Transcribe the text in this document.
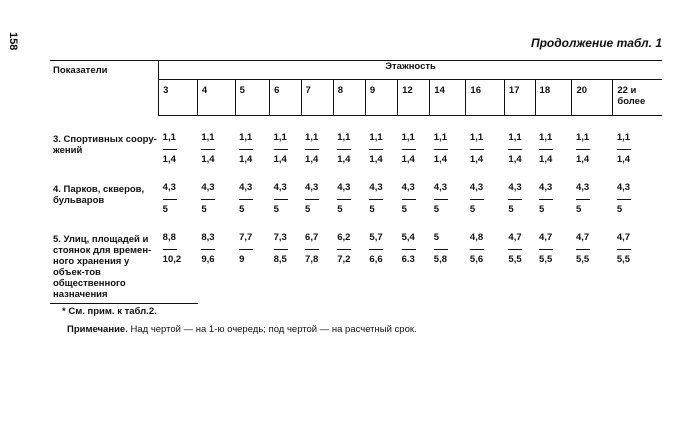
158	Продолжение табл. 1
Показатели	Этажность													
	3	4	5	6	7	8	9	12	14	16	17	18	20	22 и более
3. Спортивных соору-жений	$\frac{1,1}{1,4}$	$\frac{1,1}{1,4}$	$\frac{1,1}{1,4}$	$\frac{1,1}{1,4}$	$\frac{1,1}{1,4}$	$\frac{1,1}{1,4}$	$\frac{1,1}{1,4}$	$\frac{1,1}{1,4}$	$\frac{1,1}{1,4}$	$\frac{1,1}{1,4}$	$\frac{1,1}{1,4}$	$\frac{1,1}{1,4}$	$\frac{1,1}{1,4}$	$\frac{1,1}{1,4}$

4. Парков, скверов, бульваров	$\frac{4,3}{5}$	$\frac{4,3}{5}$	$\frac{4,3}{5}$	$\frac{4,3}{5}$	$\frac{4,3}{5}$	$\frac{4,3}{5}$	$\frac{4,3}{5}$	$\frac{4,3}{5}$	$\frac{4,3}{5}$	$\frac{4,3}{5}$	$\frac{4,3}{5}$	$\frac{4,3}{5}$	$\frac{4,3}{5}$	$\frac{4,3}{5}$

5. Улиц, площадей и стоянок для времен-ного хранения у объек-тов общественного назначения	$\frac{8,8}{10,2}$	$\frac{8,3}{9,6}$	$\frac{7,7}{9}$	$\frac{7,3}{8,5}$	$\frac{6,7}{7,8}$	$\frac{6,2}{7,2}$	$\frac{5,7}{6,6}$	$\frac{5,4}{6.3}$	$\frac{5}{5,8}$	$\frac{4,8}{5,6}$	$\frac{4,7}{5,5}$	$\frac{4,7}{5,5}$	$\frac{4,7}{5,5}$	$\frac{4,7}{5,5}$
* См. прим. к табл.2.
Примечание. Над чертой — на 1-ю очередь; под чертой — на расчетный срок.
